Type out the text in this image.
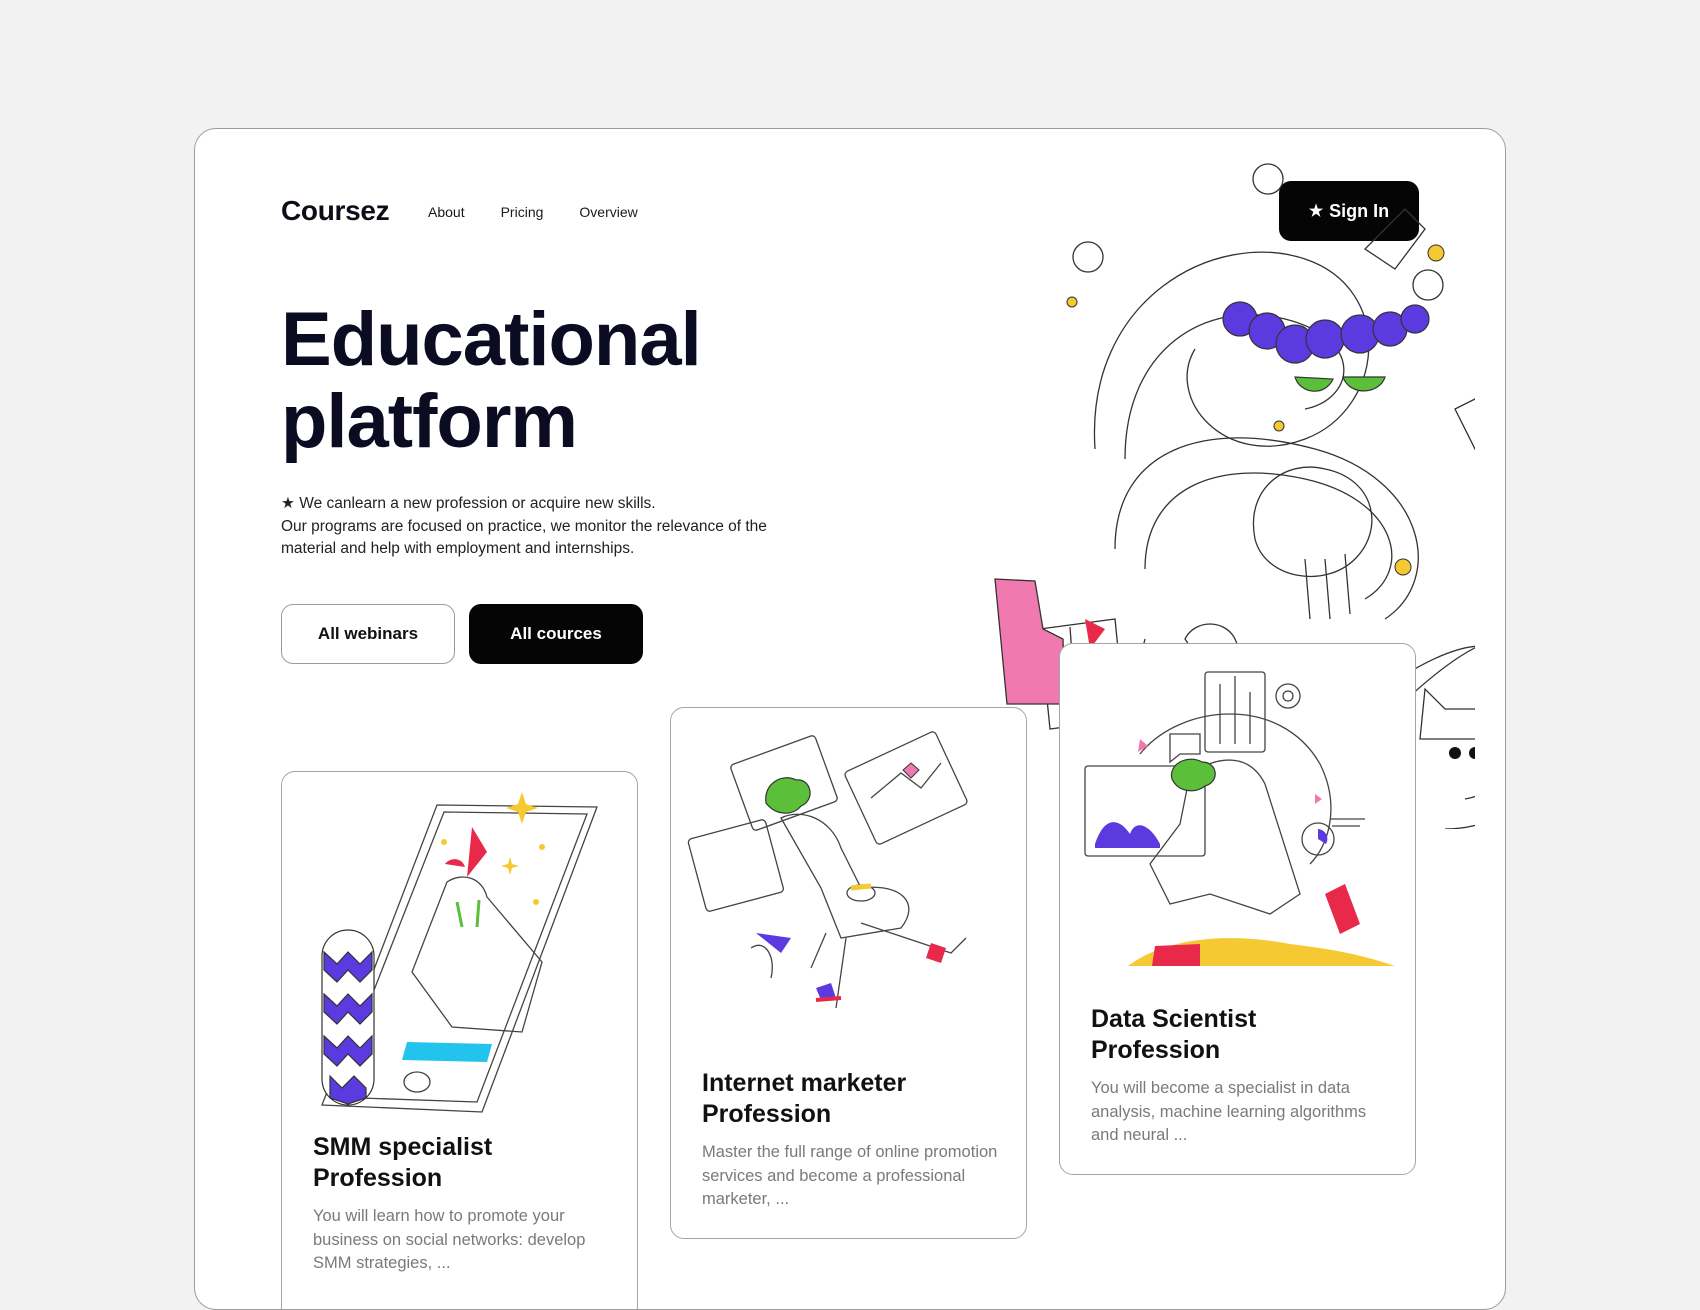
Coursez	About	Pricing	Overview	★ Sign In
Educational
platform

★ We canlearn a new profession or acquire new skills.
Our programs are focused on practice, we monitor the relevance of the material and help with employment and internships.

All webinars	All cources
SMM specialist
Profession

You will learn how to promote your business on social networks: develop SMM strategies, ...

Internet marketer
Profession

Master the full range of online promotion services and become a professional marketer, ...

Data Scientist
Profession

You will become a specialist in data analysis, machine learning algorithms and neural ...
